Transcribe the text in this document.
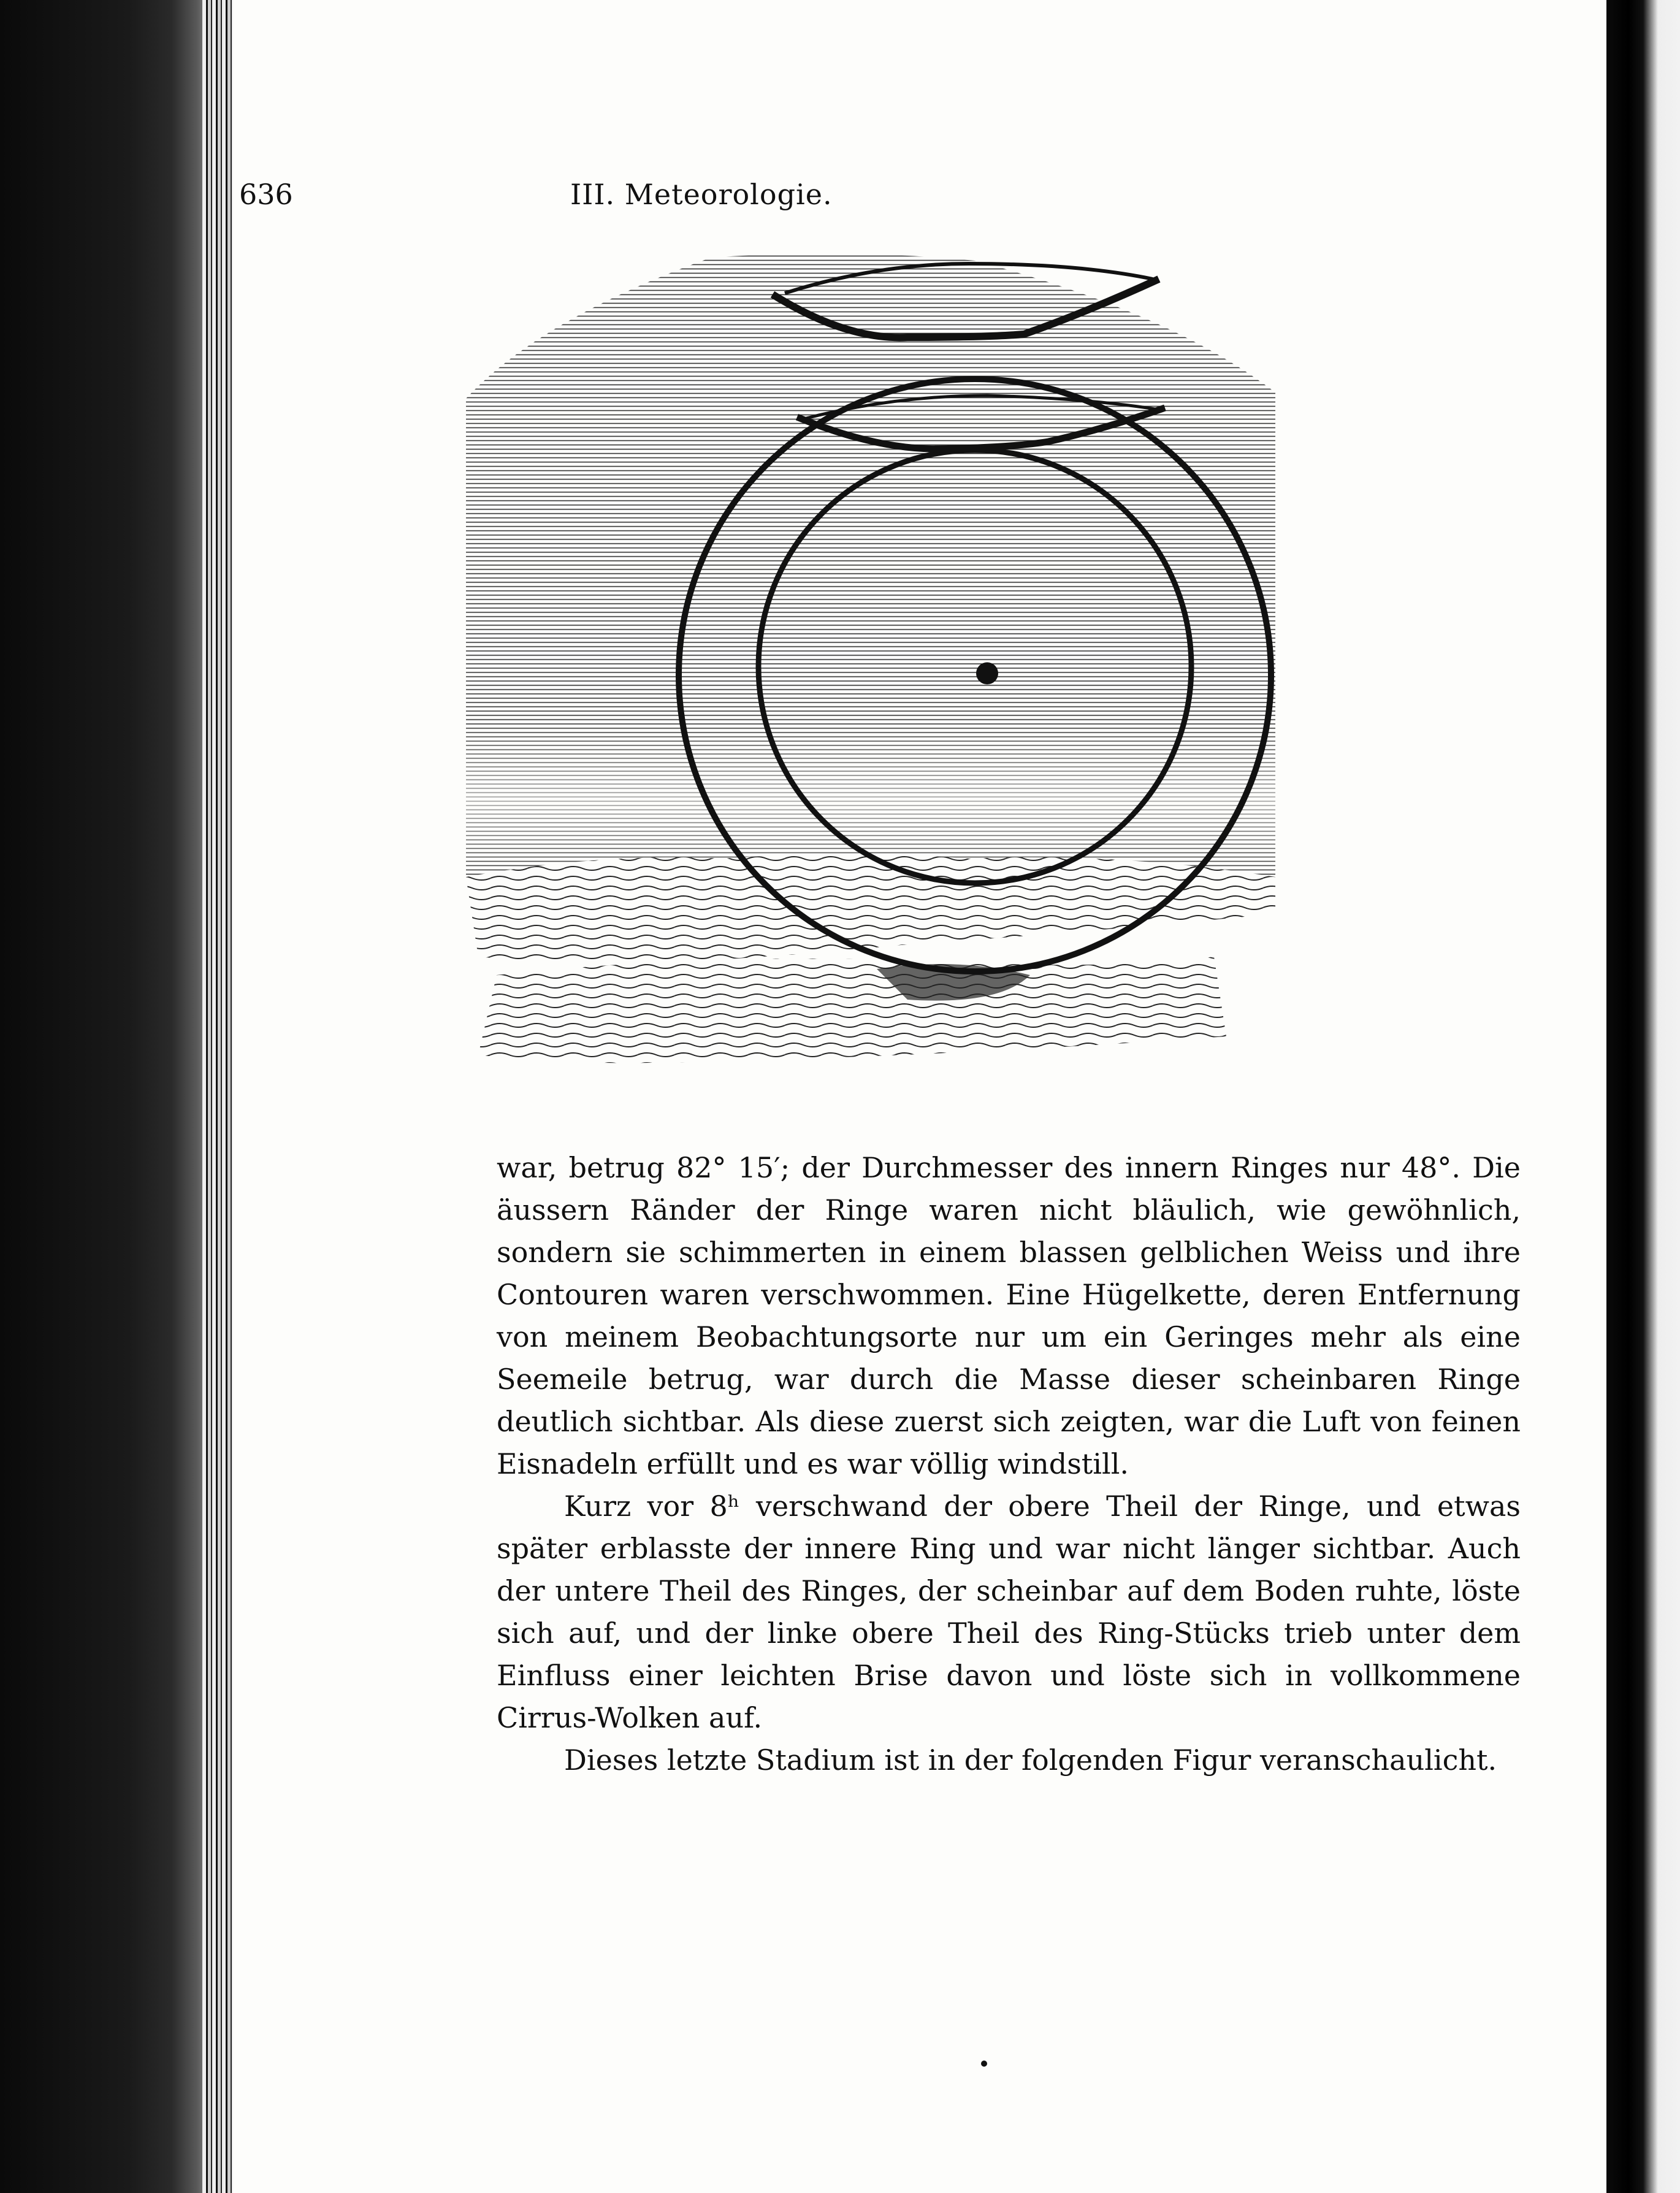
636	III. Meteorologie.

war, betrug 82° 15′; der Durchmesser des innern Ringes nur 48°. Die äussern Ränder der Ringe waren nicht bläulich, wie gewöhnlich, sondern sie schimmerten in einem blassen gelblichen Weiss und ihre Contouren waren verschwommen. Eine Hügelkette, deren Entfernung von meinem Beobachtungsorte nur um ein Geringes mehr als eine Seemeile betrug, war durch die Masse dieser scheinbaren Ringe deutlich sichtbar. Als diese zuerst sich zeigten, war die Luft von feinen Eisnadeln erfüllt und es war völlig windstill.

Kurz vor 8ʰ verschwand der obere Theil der Ringe, und etwas später erblasste der innere Ring und war nicht länger sichtbar. Auch der untere Theil des Ringes, der scheinbar auf dem Boden ruhte, löste sich auf, und der linke obere Theil des Ring-Stücks trieb unter dem Einfluss einer leichten Brise davon und löste sich in vollkommene Cirrus-Wolken auf.

Dieses letzte Stadium ist in der folgenden Figur veranschaulicht.
